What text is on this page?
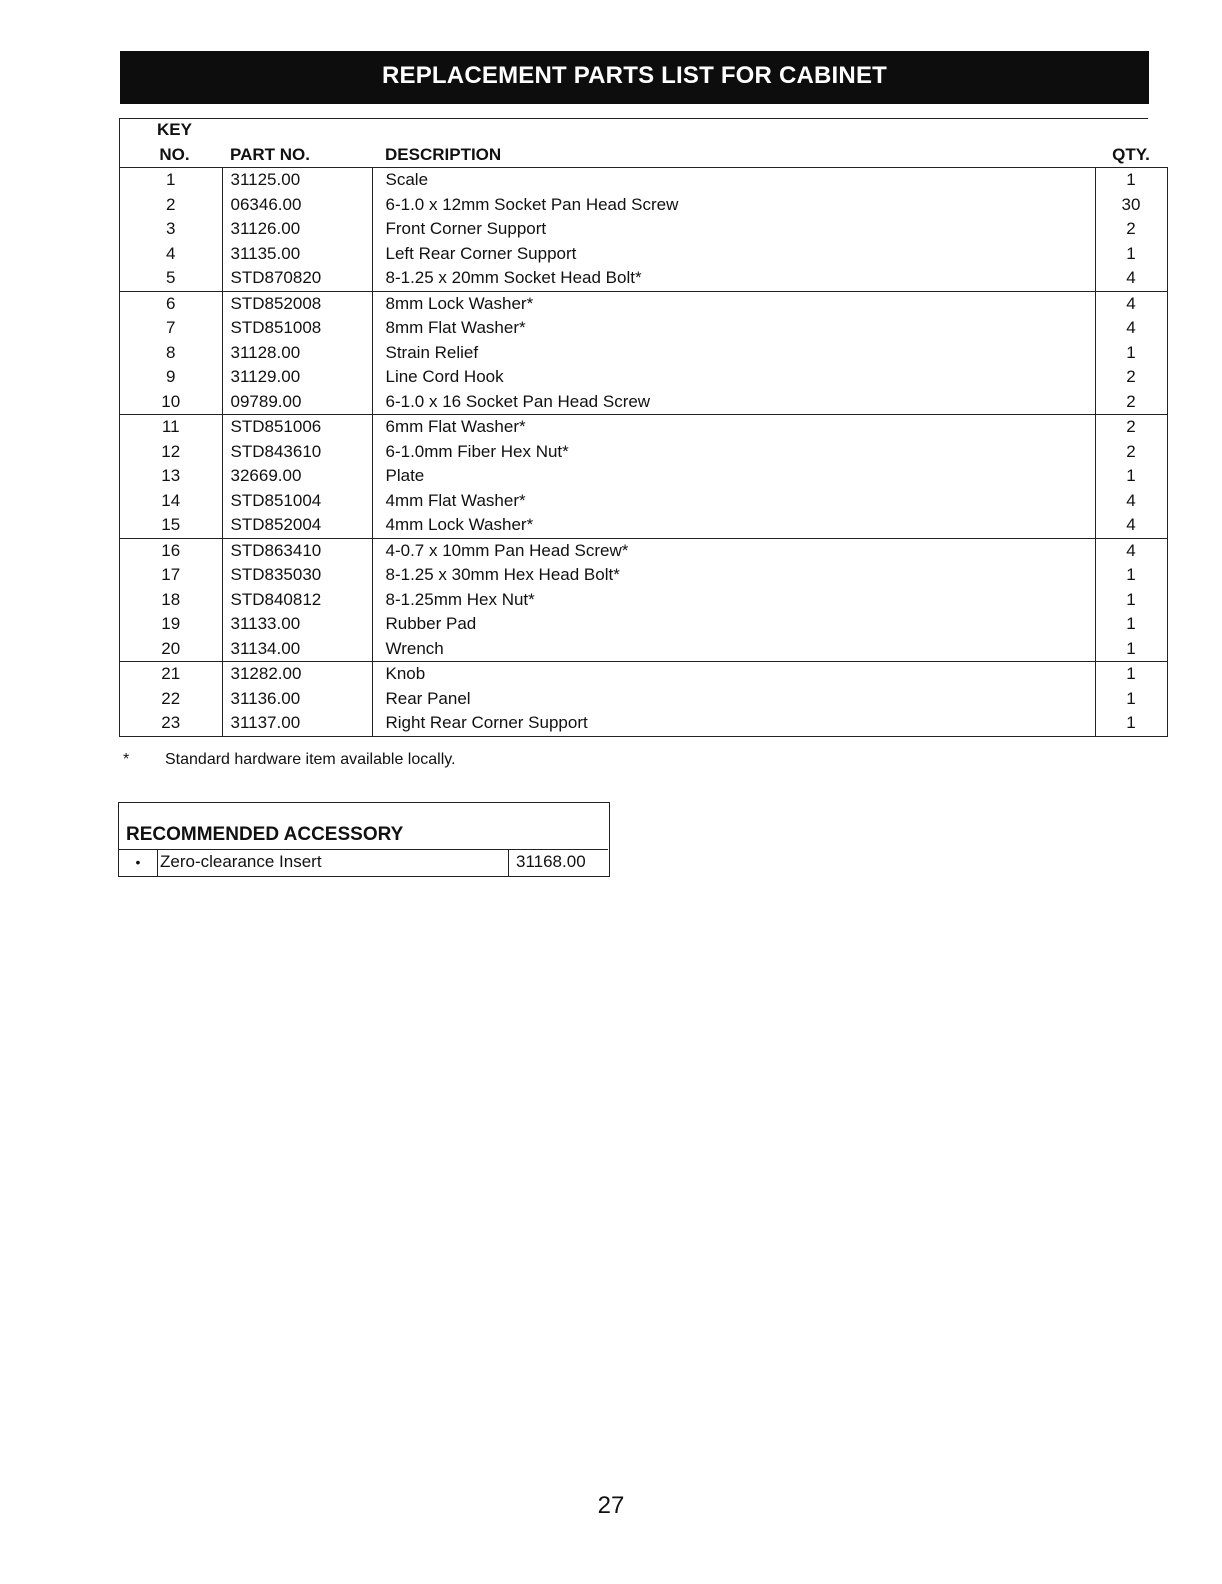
REPLACEMENT PARTS LIST FOR CABINET
KEY			
NO.	PART NO.	DESCRIPTION	QTY.
1	31125.00	Scale	1
2	06346.00	6-1.0 x 12mm Socket Pan Head Screw	30
3	31126.00	Front Corner Support	2
4	31135.00	Left Rear Corner Support	1
5	STD870820	8-1.25 x 20mm Socket Head Bolt*	4
6	STD852008	8mm Lock Washer*	4
7	STD851008	8mm Flat Washer*	4
8	31128.00	Strain Relief	1
9	31129.00	Line Cord Hook	2
10	09789.00	6-1.0 x 16 Socket Pan Head Screw	2
11	STD851006	6mm Flat Washer*	2
12	STD843610	6-1.0mm Fiber Hex Nut*	2
13	32669.00	Plate	1
14	STD851004	4mm Flat Washer*	4
15	STD852004	4mm Lock Washer*	4
16	STD863410	4-0.7 x 10mm Pan Head Screw*	4
17	STD835030	8-1.25 x 30mm Hex Head Bolt*	1
18	STD840812	8-1.25mm Hex Nut*	1
19	31133.00	Rubber Pad	1
20	31134.00	Wrench	1
21	31282.00	Knob	1
22	31136.00	Rear Panel	1
23	31137.00	Right Rear Corner Support	1
* Standard hardware item available locally.
RECOMMENDED ACCESSORY
•	Zero-clearance Insert	31168.00
27
